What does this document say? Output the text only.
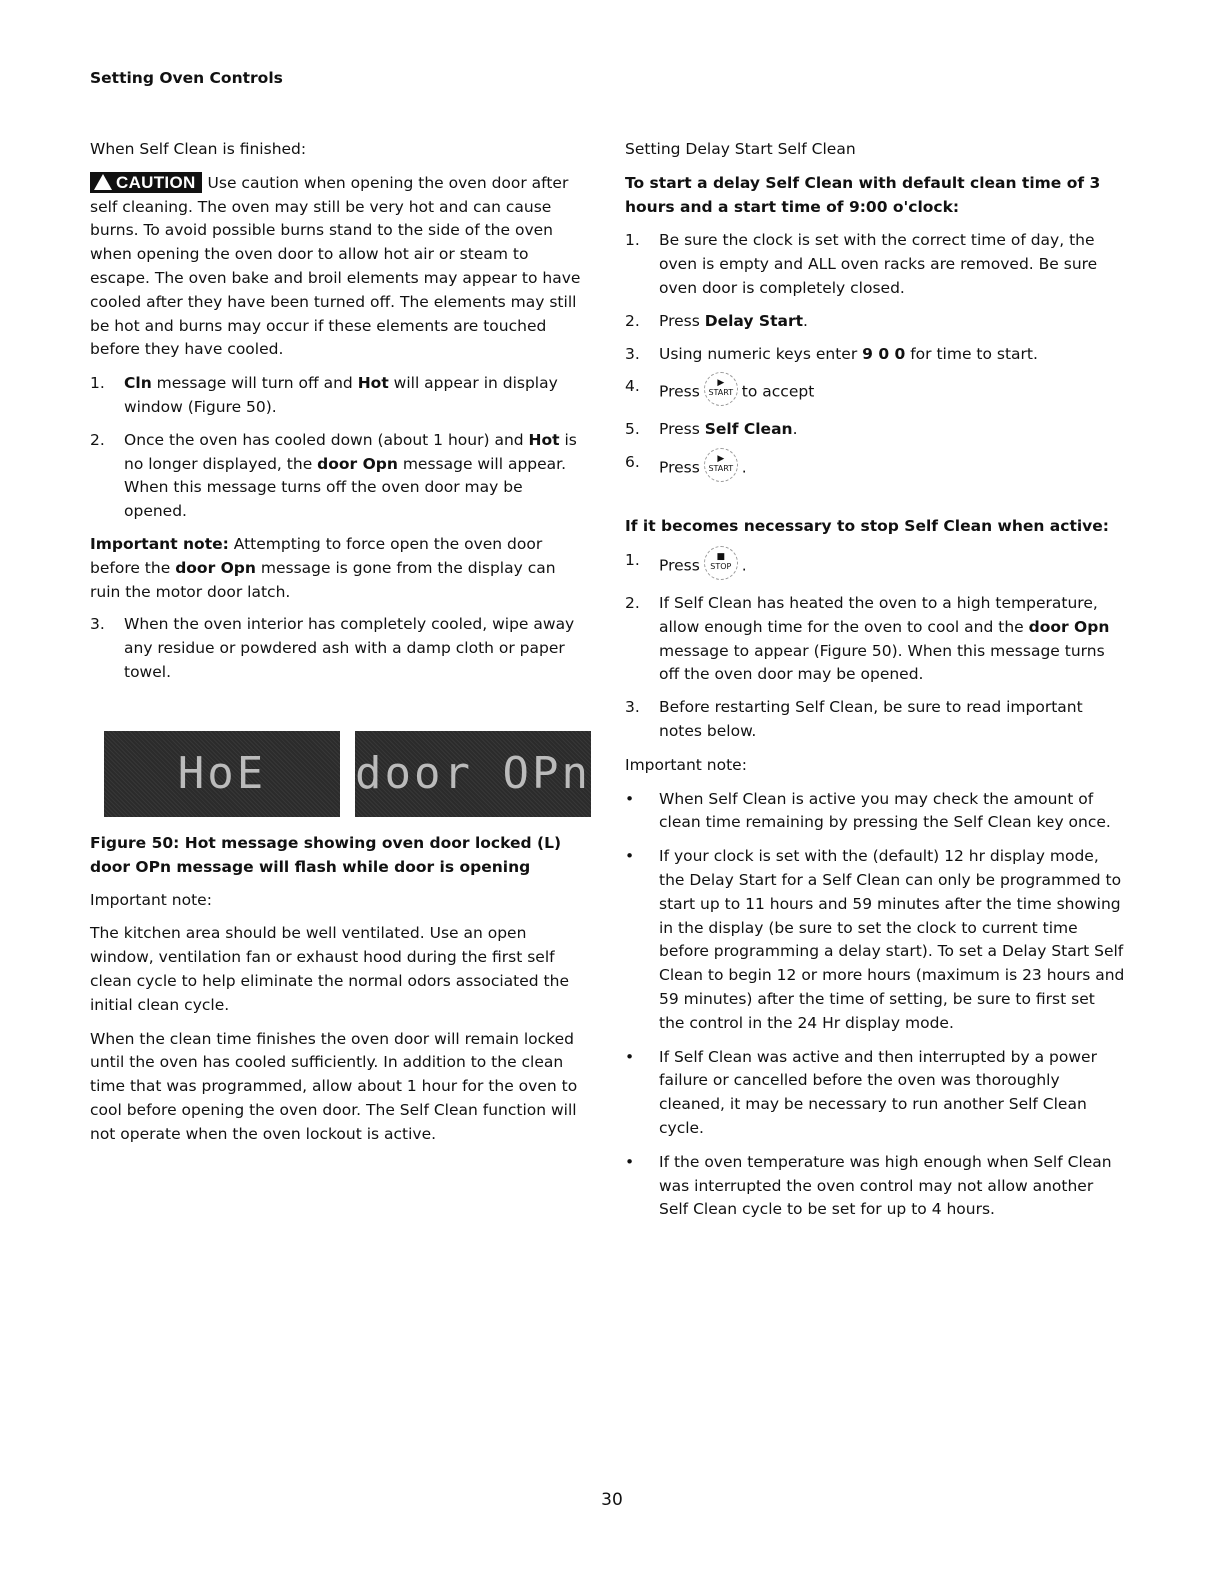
Setting Oven Controls

When Self Clean is finished:

CAUTION Use caution when opening the oven door after self cleaning. The oven may still be very hot and can cause burns. To avoid possible burns stand to the side of the oven when opening the oven door to allow hot air or steam to escape. The oven bake and broil elements may appear to have cooled after they have been turned off. The elements may still be hot and burns may occur if these elements are touched before they have cooled.

1. Cln message will turn off and Hot will appear in display window (Figure 50).
2. Once the oven has cooled down (about 1 hour) and Hot is no longer displayed, the door Opn message will appear. When this message turns off the oven door may be opened.

Important note: Attempting to force open the oven door before the door Opn message is gone from the display can ruin the motor door latch.

3. When the oven interior has completely cooled, wipe away any residue or powdered ash with a damp cloth or paper towel.
HoE	door OPn

Figure 50: Hot message showing oven door locked (L) door OPn message will flash while door is opening

Important note:

The kitchen area should be well ventilated. Use an open window, ventilation fan or exhaust hood during the first self clean cycle to help eliminate the normal odors associated the initial clean cycle.

When the clean time finishes the oven door will remain locked until the oven has cooled sufficiently. In addition to the clean time that was programmed, allow about 1 hour for the oven to cool before opening the oven door. The Self Clean function will not operate when the oven lockout is active.

Setting Delay Start Self Clean

To start a delay Self Clean with default clean time of 3 hours and a start time of 9:00 o'clock:

1. Be sure the clock is set with the correct time of day, the oven is empty and ALL oven racks are removed. Be sure oven door is completely closed.
2. Press Delay Start.
3. Using numeric keys enter 9 0 0 for time to start.
4. Press	▶
START to accept
5. Press Self Clean.
6. Press	▶
START .

If it becomes necessary to stop Self Clean when active:

1. Press	■
STOP .
2. If Self Clean has heated the oven to a high temperature, allow enough time for the oven to cool and the door Opn message to appear (Figure 50). When this message turns off the oven door may be opened.
3. Before restarting Self Clean, be sure to read important notes below.

Important note:

• When Self Clean is active you may check the amount of clean time remaining by pressing the Self Clean key once.
• If your clock is set with the (default) 12 hr display mode, the Delay Start for a Self Clean can only be programmed to start up to 11 hours and 59 minutes after the time showing in the display (be sure to set the clock to current time before programming a delay start). To set a Delay Start Self Clean to begin 12 or more hours (maximum is 23 hours and 59 minutes) after the time of setting, be sure to first set the control in the 24 Hr display mode.
• If Self Clean was active and then interrupted by a power failure or cancelled before the oven was thoroughly cleaned, it may be necessary to run another Self Clean cycle.
• If the oven temperature was high enough when Self Clean was interrupted the oven control may not allow another Self Clean cycle to be set for up to 4 hours.
30
